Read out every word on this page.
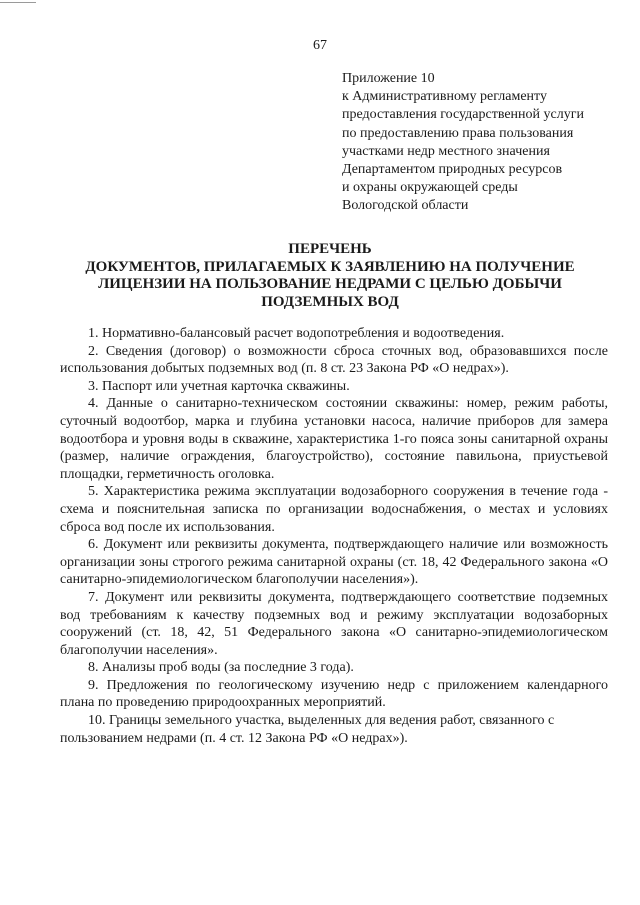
67
Приложение 10
к Административному регламенту
предоставления государственной услуги
по предоставлению права пользования
участками недр местного значения
Департаментом природных ресурсов
и охраны окружающей среды
Вологодской области
ПЕРЕЧЕНЬ
ДОКУМЕНТОВ, ПРИЛАГАЕМЫХ К ЗАЯВЛЕНИЮ НА ПОЛУЧЕНИЕ
ЛИЦЕНЗИИ НА ПОЛЬЗОВАНИЕ НЕДРАМИ С ЦЕЛЬЮ ДОБЫЧИ
ПОДЗЕМНЫХ ВОД

1. Нормативно-балансовый расчет водопотребления и водоотведения.

2. Сведения (договор) о возможности сброса сточных вод, образовавшихся после использования добытых подземных вод (п. 8 ст. 23 Закона РФ «О недрах»).

3. Паспорт или учетная карточка скважины.

4. Данные о санитарно-техническом состоянии скважины: номер, режим работы, суточный водоотбор, марка и глубина установки насоса, наличие приборов для замера водоотбора и уровня воды в скважине, характеристика 1-го пояса зоны санитарной охраны (размер, наличие ограждения, благоустройство), состояние павильона, приустьевой площадки, герметичность оголовка.

5. Характеристика режима эксплуатации водозаборного сооружения в течение года - схема и пояснительная записка по организации водоснабжения, о местах и условиях сброса вод после их использования.

6. Документ или реквизиты документа, подтверждающего наличие или возможность организации зоны строгого режима санитарной охраны (ст. 18, 42 Федерального закона «О санитарно-эпидемиологическом благополучии населения»).

7. Документ или реквизиты документа, подтверждающего соответствие подземных вод требованиям к качеству подземных вод и режиму эксплуатации водозаборных сооружений (ст. 18, 42, 51 Федерального закона «О санитарно-эпидемиологическом благополучии населения».

8. Анализы проб воды (за последние 3 года).

9. Предложения по геологическому изучению недр с приложением календарного плана по проведению природоохранных мероприятий.

10. Границы земельного участка, выделенных для ведения работ, связанного с пользованием недрами (п. 4 ст. 12 Закона РФ «О недрах»).
